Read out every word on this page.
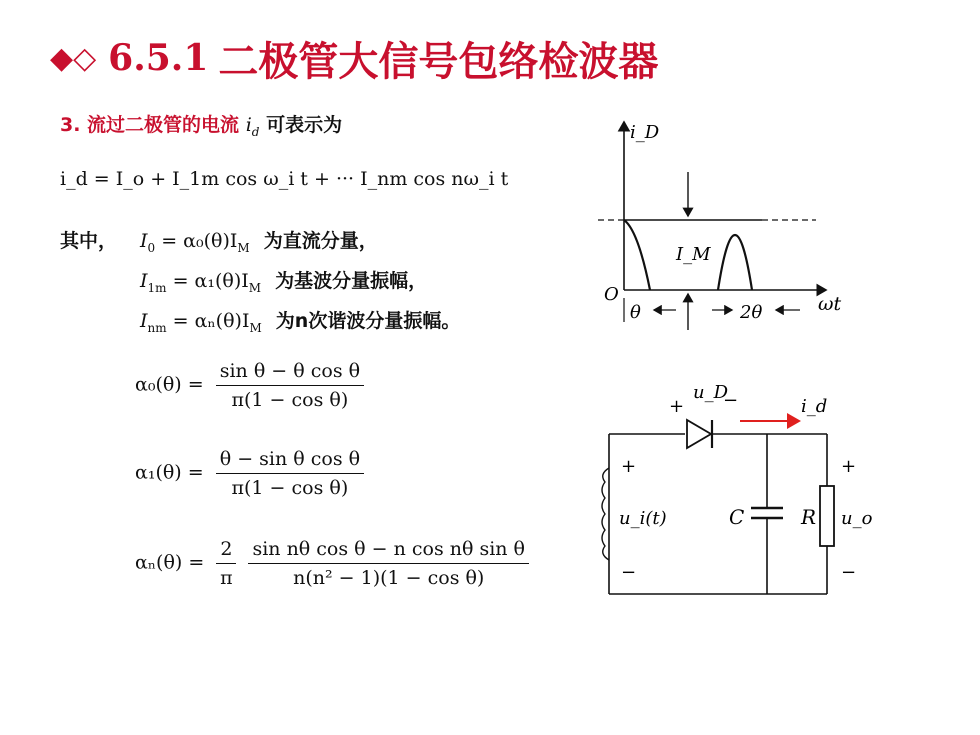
◆◇ 6.5.1 二极管大信号包络检波器
3. 流过二极管的电流 $i_d$ 可表示为
i_d = I_o + I_1m cos ω_i t + ··· I_nm cos nω_i t
其中， $I_0 = \alpha_0(\theta)I_M$ 为直流分量，
$I_{1m} = \alpha_1(\theta)I_M$ 为基波分量振幅，
$I_{nm} = \alpha_n(\theta)I_M$ 为n次谐波分量振幅。
$\alpha_0(\theta) = \frac{\text{sin θ − θ cos θ}}{\text{π(1 − cos θ)}}$
$\alpha_1(\theta) = \frac{\text{θ − sin θ cos θ}}{\text{π(1 − cos θ)}}$
$\alpha_n(\theta) = \frac{2}{\pi}$
$\frac{\text{sin nθ cos θ − n cos nθ sin θ}}{\text{n(n² − 1)(1 − cos θ)}}$
i_D
ωt
O
I_M
θ	2θ
+
u_D
−	i_d
+
u_i(t)
−
C	R
+
u_o
−
